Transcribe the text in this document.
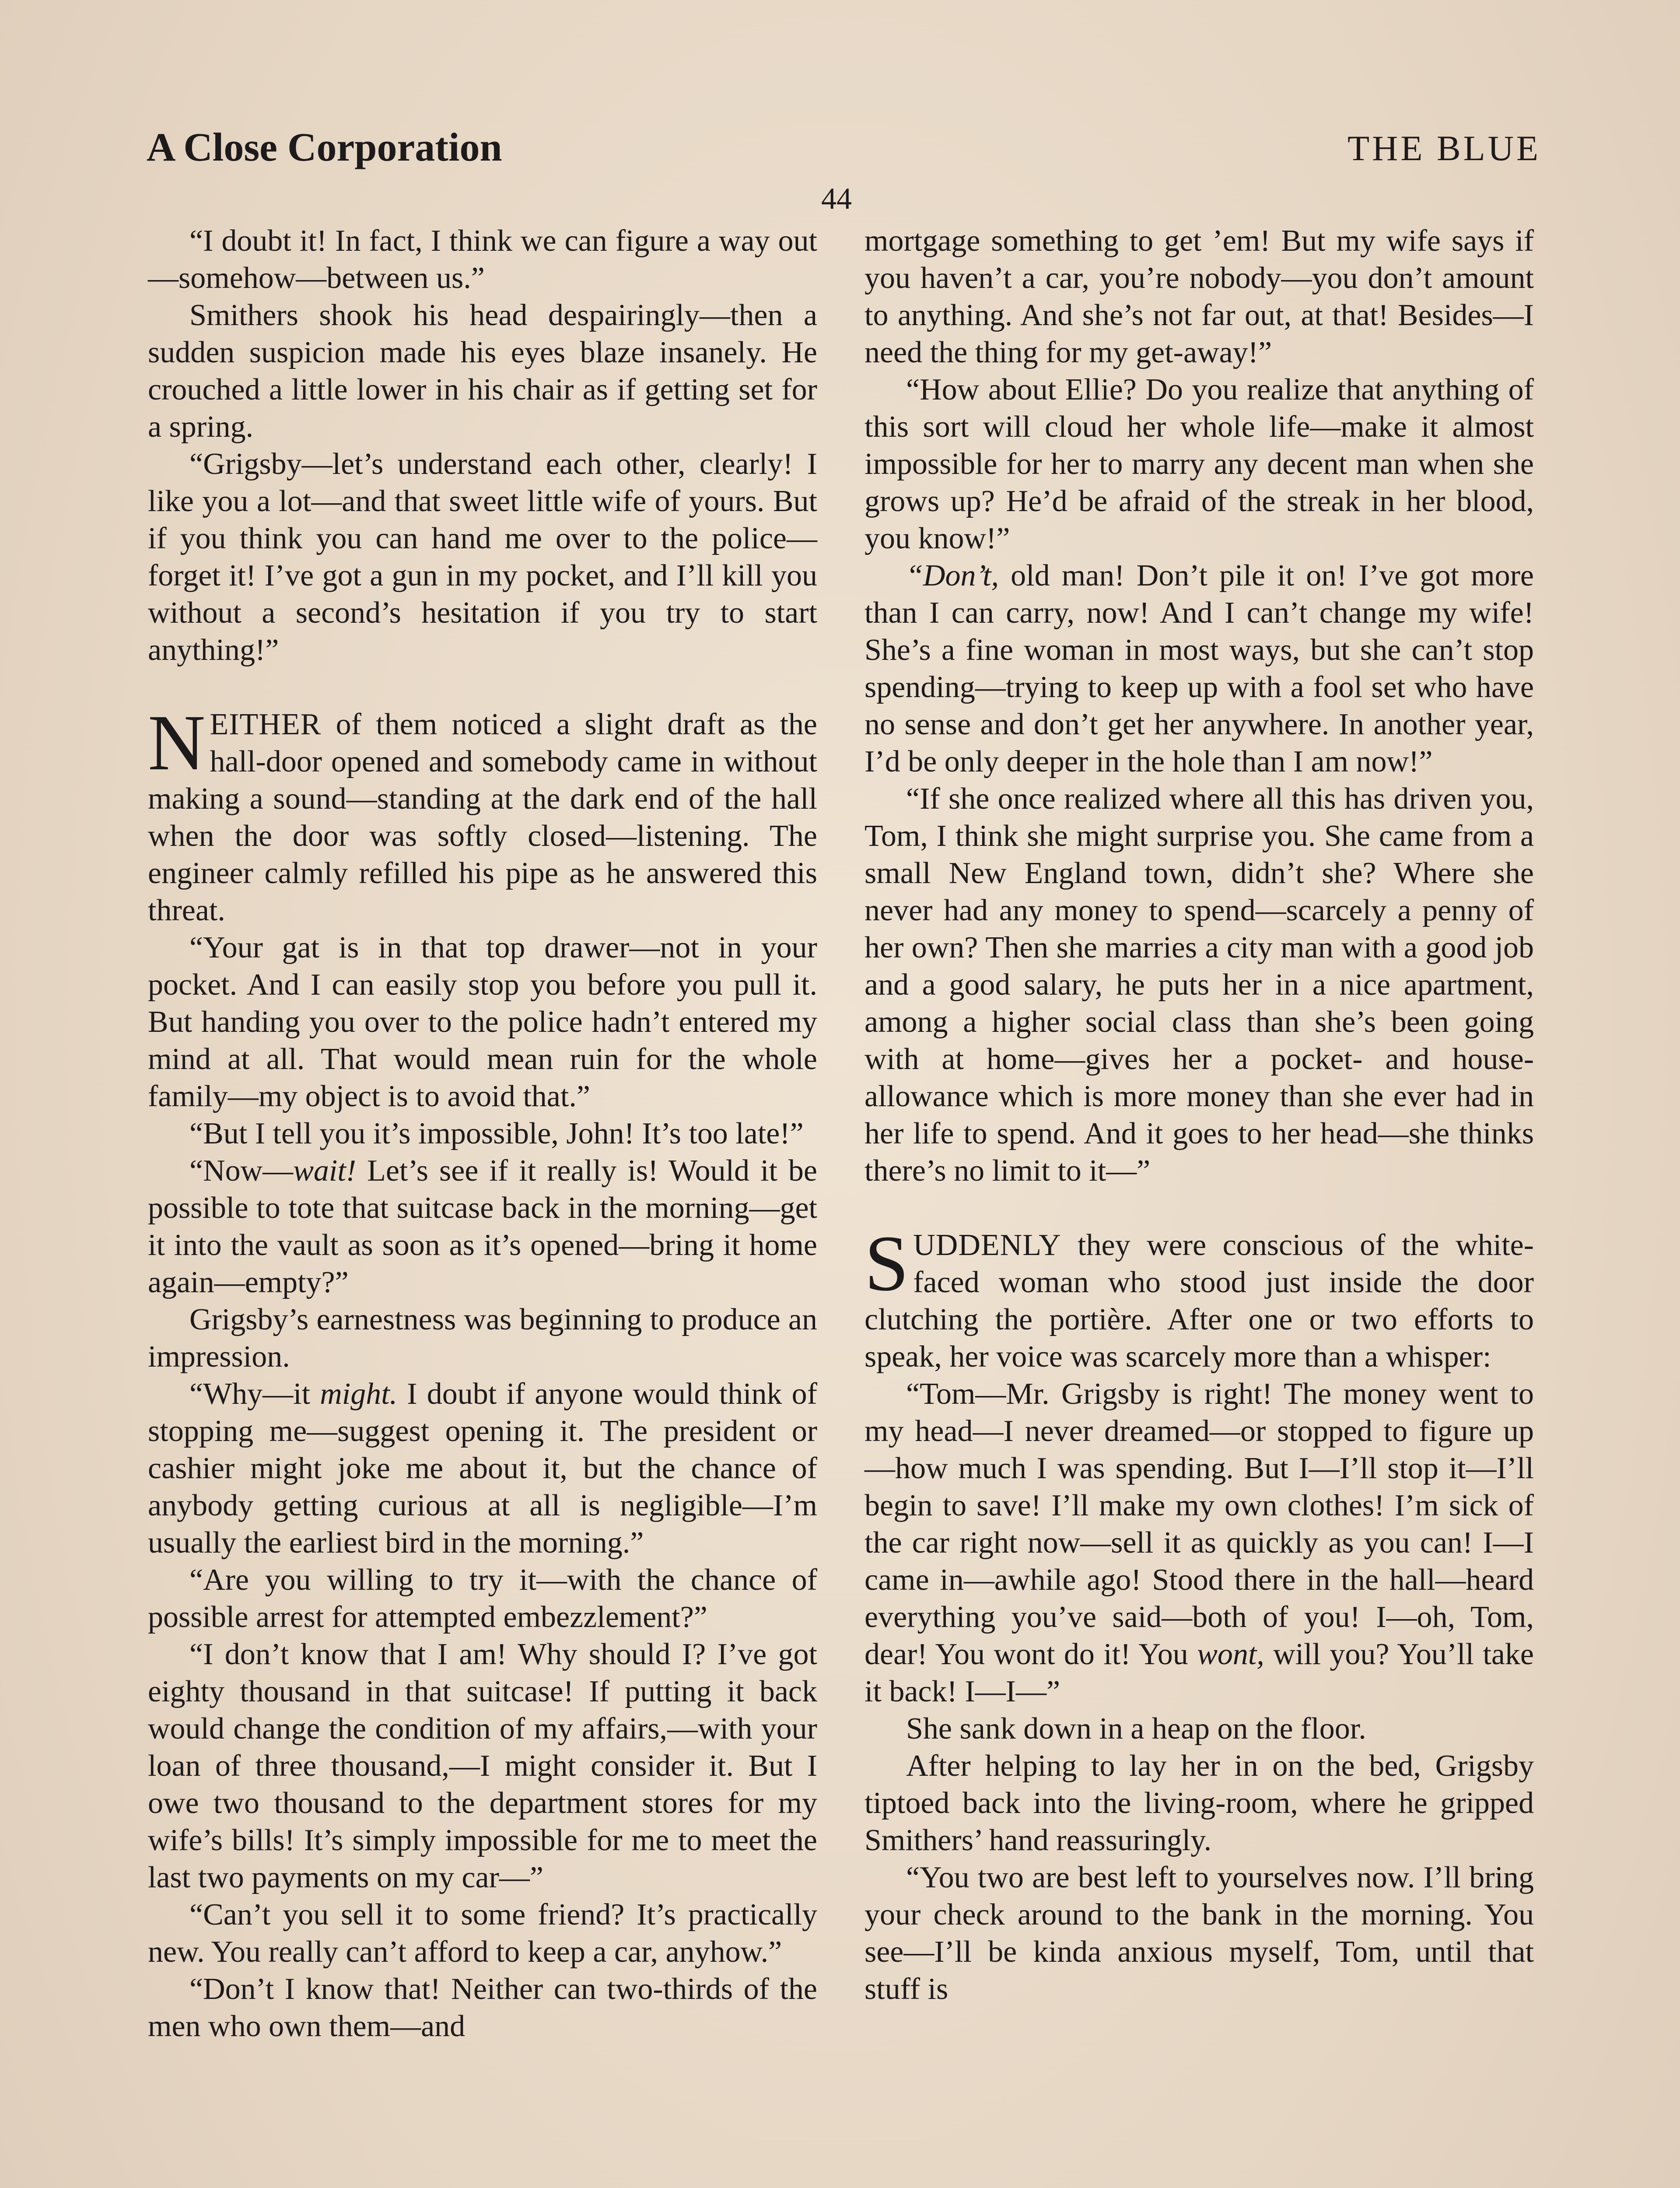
A Close Corporation	THE BLUE
44

“I doubt it! In fact, I think we can figure a way out—somehow—between us.”

Smithers shook his head despairingly—then a sudden suspicion made his eyes blaze insanely. He crouched a little lower in his chair as if getting set for a spring.

“Grigsby—let’s understand each other, clearly! I like you a lot—and that sweet little wife of yours. But if you think you can hand me over to the police—forget it! I’ve got a gun in my pocket, and I’ll kill you without a second’s hesitation if you try to start anything!”

NEITHER of them noticed a slight draft as the hall-door opened and somebody came in without making a sound—standing at the dark end of the hall when the door was softly closed—listening. The engineer calmly refilled his pipe as he answered this threat.

“Your gat is in that top drawer—not in your pocket. And I can easily stop you before you pull it. But handing you over to the police hadn’t entered my mind at all. That would mean ruin for the whole family—my object is to avoid that.”

“But I tell you it’s impossible, John! It’s too late!”

“Now—wait! Let’s see if it really is! Would it be possible to tote that suitcase back in the morning—get it into the vault as soon as it’s opened—bring it home again—empty?”

Grigsby’s earnestness was beginning to produce an impression.

“Why—it might. I doubt if anyone would think of stopping me—suggest opening it. The president or cashier might joke me about it, but the chance of anybody getting curious at all is negligible—I’m usually the earliest bird in the morning.”

“Are you willing to try it—with the chance of possible arrest for attempted embezzlement?”

“I don’t know that I am! Why should I? I’ve got eighty thousand in that suitcase! If putting it back would change the condition of my affairs,—with your loan of three thousand,—I might consider it. But I owe two thousand to the department stores for my wife’s bills! It’s simply impossible for me to meet the last two payments on my car—”

“Can’t you sell it to some friend? It’s practically new. You really can’t afford to keep a car, anyhow.”

“Don’t I know that! Neither can two-thirds of the men who own them—and

mortgage something to get ’em! But my wife says if you haven’t a car, you’re nobody—you don’t amount to anything. And she’s not far out, at that! Besides—I need the thing for my get-away!”

“How about Ellie? Do you realize that anything of this sort will cloud her whole life—make it almost impossible for her to marry any decent man when she grows up? He’d be afraid of the streak in her blood, you know!”

“Don’t, old man! Don’t pile it on! I’ve got more than I can carry, now! And I can’t change my wife! She’s a fine woman in most ways, but she can’t stop spending—trying to keep up with a fool set who have no sense and don’t get her anywhere. In another year, I’d be only deeper in the hole than I am now!”

“If she once realized where all this has driven you, Tom, I think she might surprise you. She came from a small New England town, didn’t she? Where she never had any money to spend—scarcely a penny of her own? Then she marries a city man with a good job and a good salary, he puts her in a nice apartment, among a higher social class than she’s been going with at home—gives her a pocket- and house-allowance which is more money than she ever had in her life to spend. And it goes to her head—she thinks there’s no limit to it—”

SUDDENLY they were conscious of the white-faced woman who stood just inside the door clutching the portière. After one or two efforts to speak, her voice was scarcely more than a whisper:

“Tom—Mr. Grigsby is right! The money went to my head—I never dreamed—or stopped to figure up—how much I was spending. But I—I’ll stop it—I’ll begin to save! I’ll make my own clothes! I’m sick of the car right now—sell it as quickly as you can! I—I came in—awhile ago! Stood there in the hall—heard everything you’ve said—both of you! I—oh, Tom, dear! You wont do it! You wont, will you? You’ll take it back! I—I—”

She sank down in a heap on the floor.

After helping to lay her in on the bed, Grigsby tiptoed back into the living-room, where he gripped Smithers’ hand reassuringly.

“You two are best left to yourselves now. I’ll bring your check around to the bank in the morning. You see—I’ll be kinda anxious myself, Tom, until that stuff is
